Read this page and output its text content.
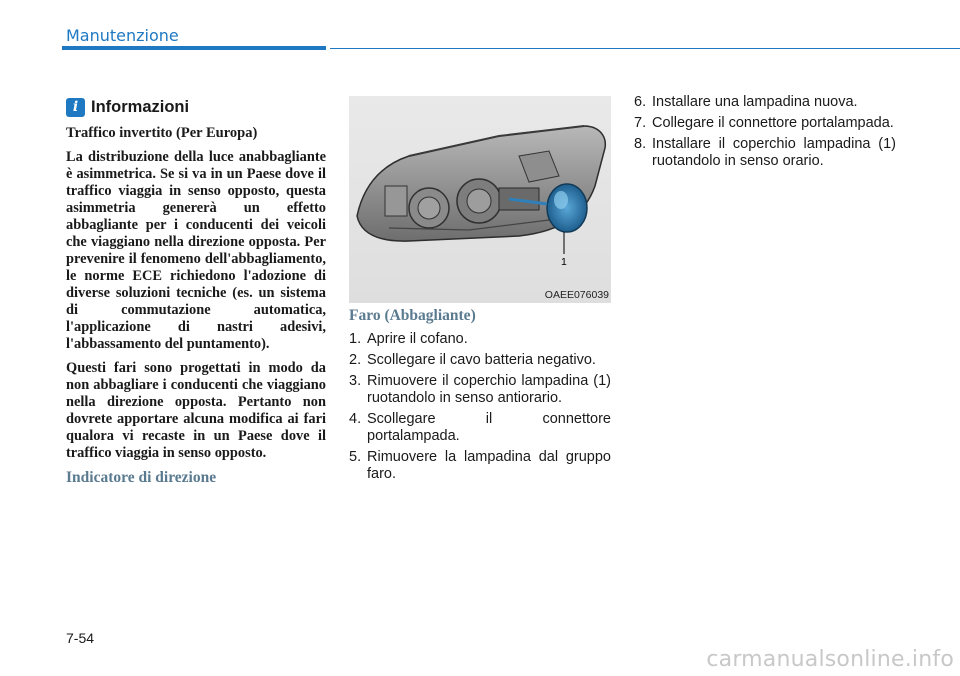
Manutenzione
i Informazioni
Traffico invertito (Per Europa)

La distribuzione della luce anabbagliante è asimmetrica. Se si va in un Paese dove il traffico viaggia in senso opposto, questa asimmetria genererà un effetto abbagliante per i conducenti dei veicoli che viaggiano nella direzione opposta. Per prevenire il fenomeno dell'abbagliamento, le norme ECE richiedono l'adozione di diverse soluzioni tecniche (es. un sistema di commutazione automatica, l'applicazione di nastri adesivi, l'abbassamento del puntamento).

Questi fari sono progettati in modo da non abbagliare i conducenti che viaggiano nella direzione opposta. Pertanto non dovrete apportare alcuna modifica ai fari qualora vi recaste in un Paese dove il traffico viaggia in senso opposto.

Indicatore di direzione
1
OAEE076039
Faro (Abbagliante)
1. Aprire il cofano.
2. Scollegare il cavo batteria negativo.
3. Rimuovere il coperchio lampadina (1) ruotandolo in senso antiorario.
4. Scollegare il connettore portalampada.
5. Rimuovere la lampadina dal gruppo faro.
6. Installare una lampadina nuova.
7. Collegare il connettore portalampada.
8. Installare il coperchio lampadina (1) ruotandolo in senso orario.
7-54
carmanualsonline.info
